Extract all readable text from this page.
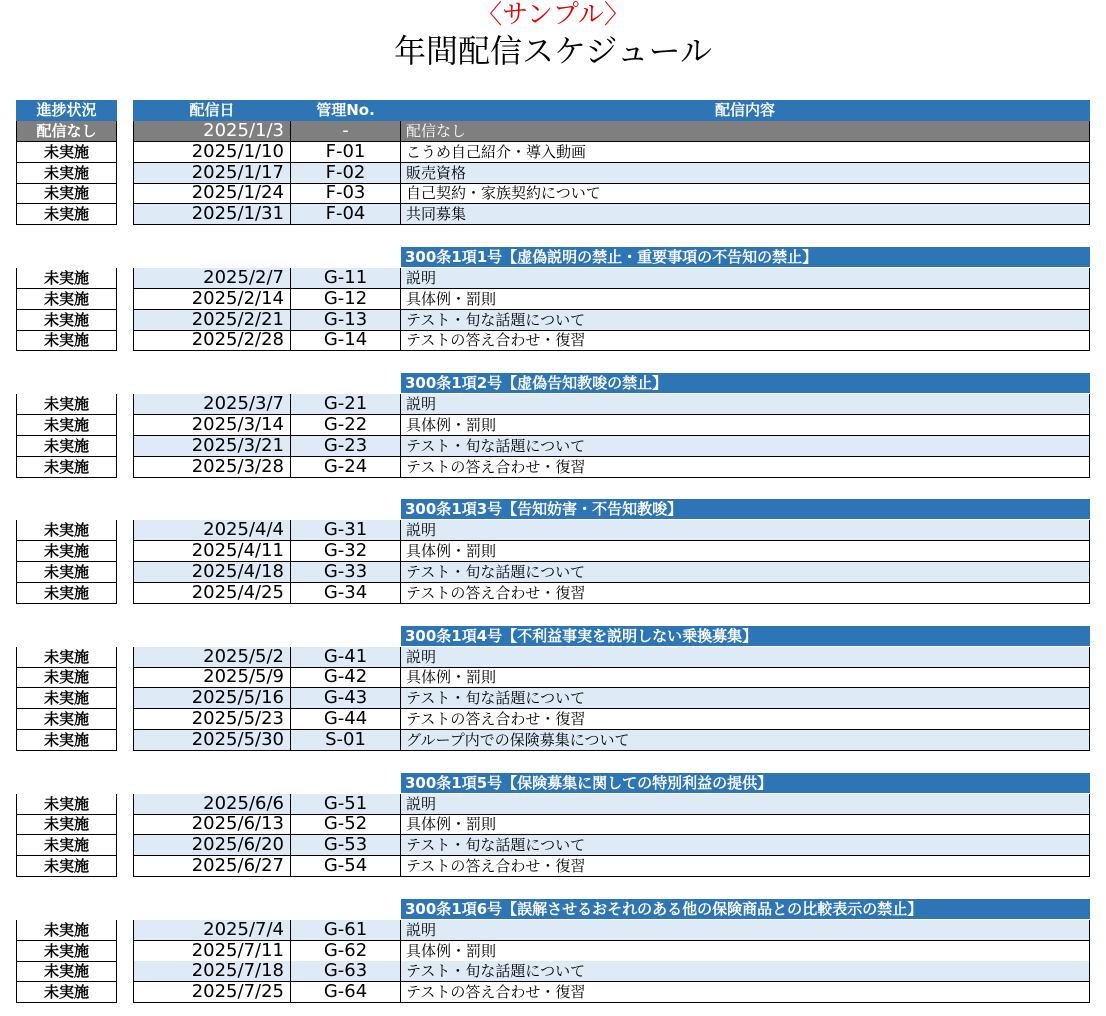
〈サンプル〉
年間配信スケジュール
進捗状況	配信日	管理No.	配信内容
配信なし	2025/1/3	-	配信なし
未実施	2025/1/10	F-01	こうめ自己紹介・導入動画
未実施	2025/1/17	F-02	販売資格
未実施	2025/1/24	F-03	自己契約・家族契約について
未実施	2025/1/31	F-04	共同募集
300条1項1号【虚偽説明の禁止・重要事項の不告知の禁止】
未実施	2025/2/7	G-11	説明
未実施	2025/2/14	G-12	具体例・罰則
未実施	2025/2/21	G-13	テスト・旬な話題について
未実施	2025/2/28	G-14	テストの答え合わせ・復習
300条1項2号【虚偽告知教唆の禁止】
未実施	2025/3/7	G-21	説明
未実施	2025/3/14	G-22	具体例・罰則
未実施	2025/3/21	G-23	テスト・旬な話題について
未実施	2025/3/28	G-24	テストの答え合わせ・復習
300条1項3号【告知妨害・不告知教唆】
未実施	2025/4/4	G-31	説明
未実施	2025/4/11	G-32	具体例・罰則
未実施	2025/4/18	G-33	テスト・旬な話題について
未実施	2025/4/25	G-34	テストの答え合わせ・復習
300条1項4号【不利益事実を説明しない乗換募集】
未実施	2025/5/2	G-41	説明
未実施	2025/5/9	G-42	具体例・罰則
未実施	2025/5/16	G-43	テスト・旬な話題について
未実施	2025/5/23	G-44	テストの答え合わせ・復習
未実施	2025/5/30	S-01	グループ内での保険募集について
300条1項5号【保険募集に関しての特別利益の提供】
未実施	2025/6/6	G-51	説明
未実施	2025/6/13	G-52	具体例・罰則
未実施	2025/6/20	G-53	テスト・旬な話題について
未実施	2025/6/27	G-54	テストの答え合わせ・復習
300条1項6号【誤解させるおそれのある他の保険商品との比較表示の禁止】
未実施	2025/7/4	G-61	説明
未実施	2025/7/11	G-62	具体例・罰則
未実施	2025/7/18	G-63	テスト・旬な話題について
未実施	2025/7/25	G-64	テストの答え合わせ・復習
